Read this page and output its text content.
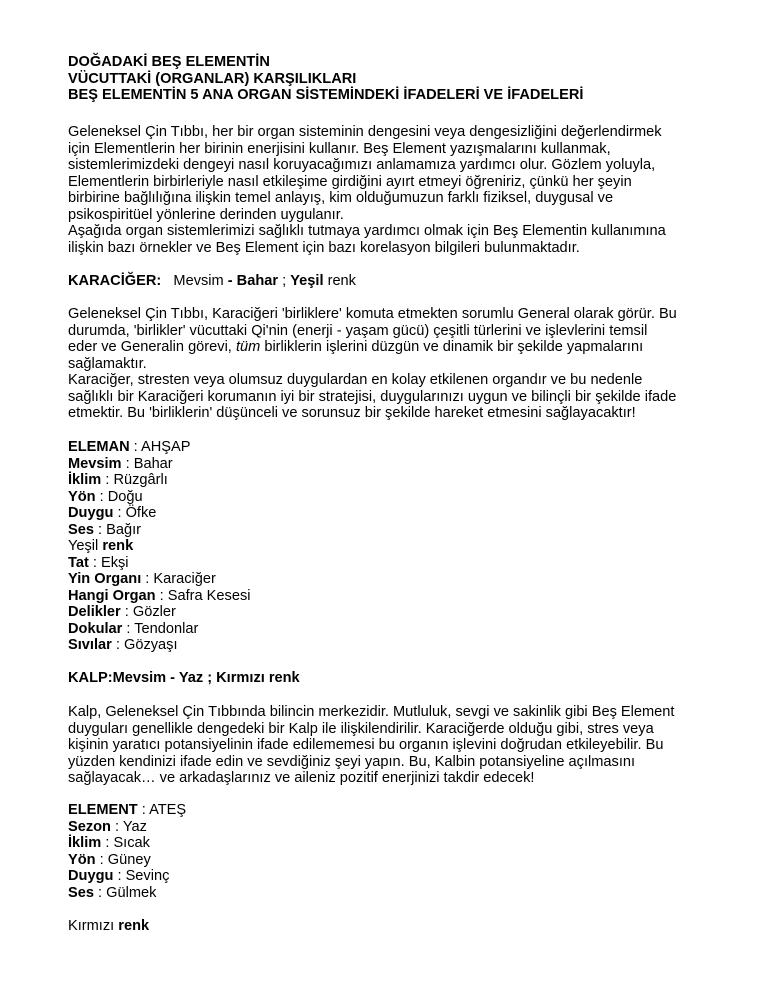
DOĞADAKİ BEŞ ELEMENTİN
VÜCUTTAKİ (ORGANLAR) KARŞILIKLARI
BEŞ ELEMENTİN 5 ANA ORGAN SİSTEMİNDEKİ İFADELERİ VE İFADELERİ
Geleneksel Çin Tıbbı, her bir organ sisteminin dengesini veya dengesizliğini değerlendirmek
için Elementlerin her birinin enerjisini kullanır. Beş Element yazışmalarını kullanmak,
sistemlerimizdeki dengeyi nasıl koruyacağımızı anlamamıza yardımcı olur. Gözlem yoluyla,
Elementlerin birbirleriyle nasıl etkileşime girdiğini ayırt etmeyi öğreniriz, çünkü her şeyin
birbirine bağlılığına ilişkin temel anlayış, kim olduğumuzun farklı fiziksel, duygusal ve
psikospiritüel yönlerine derinden uygulanır.
Aşağıda organ sistemlerimizi sağlıklı tutmaya yardımcı olmak için Beş Elementin kullanımına
ilişkin bazı örnekler ve Beş Element için bazı korelasyon bilgileri bulunmaktadır.
KARACİĞER: Mevsim - Bahar ; Yeşil renk
Geleneksel Çin Tıbbı, Karaciğeri 'birliklere' komuta etmekten sorumlu General olarak görür. Bu
durumda, 'birlikler' vücuttaki Qi'nin (enerji - yaşam gücü) çeşitli türlerini ve işlevlerini temsil
eder ve Generalin görevi, tüm birliklerin işlerini düzgün ve dinamik bir şekilde yapmalarını
sağlamaktır.
Karaciğer, stresten veya olumsuz duygulardan en kolay etkilenen organdır ve bu nedenle
sağlıklı bir Karaciğeri korumanın iyi bir stratejisi, duygularınızı uygun ve bilinçli bir şekilde ifade
etmektir. Bu 'birliklerin' düşünceli ve sorunsuz bir şekilde hareket etmesini sağlayacaktır!
ELEMAN : AHŞAP
Mevsim : Bahar
İklim : Rüzgârlı
Yön : Doğu
Duygu : Öfke
Ses : Bağır
Yeşil renk
Tat : Ekşi
Yin Organı : Karaciğer
Hangi Organ : Safra Kesesi
Delikler : Gözler
Dokular : Tendonlar
Sıvılar : Gözyaşı
KALP:Mevsim - Yaz ; Kırmızı renk
Kalp, Geleneksel Çin Tıbbında bilincin merkezidir. Mutluluk, sevgi ve sakinlik gibi Beş Element
duyguları genellikle dengedeki bir Kalp ile ilişkilendirilir. Karaciğerde olduğu gibi, stres veya
kişinin yaratıcı potansiyelinin ifade edilememesi bu organın işlevini doğrudan etkileyebilir. Bu
yüzden kendinizi ifade edin ve sevdiğiniz şeyi yapın. Bu, Kalbin potansiyeline açılmasını
sağlayacak… ve arkadaşlarınız ve aileniz pozitif enerjinizi takdir edecek!
ELEMENT : ATEŞ
Sezon : Yaz
İklim : Sıcak
Yön : Güney
Duygu : Sevinç
Ses : Gülmek
Kırmızı renk
